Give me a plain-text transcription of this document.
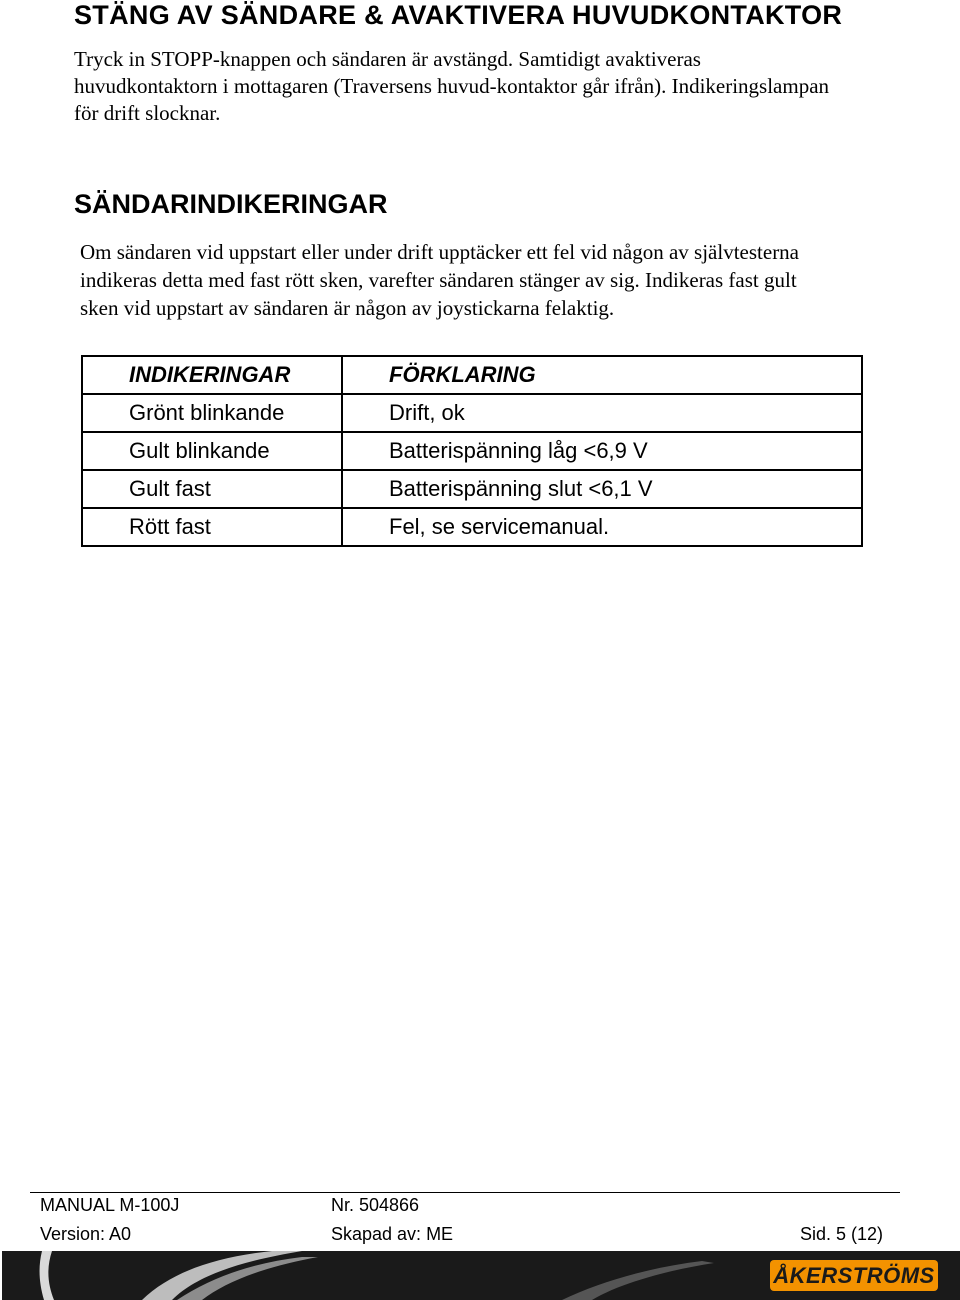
STÄNG AV SÄNDARE & AVAKTIVERA HUVUDKONTAKTOR
Tryck in STOPP-knappen och sändaren är avstängd. Samtidigt avaktiveras
huvudkontaktorn i mottagaren (Traversens huvud-kontaktor går ifrån). Indikeringslampan
för drift slocknar.
SÄNDARINDIKERINGAR
Om sändaren vid uppstart eller under drift upptäcker ett fel vid någon av självtesterna
indikeras detta med fast rött sken, varefter sändaren stänger av sig. Indikeras fast gult
sken vid uppstart av sändaren är någon av joystickarna felaktig.
INDIKERINGAR	FÖRKLARING
Grönt blinkande	Drift, ok
Gult blinkande	Batterispänning låg <6,9 V
Gult fast	Batterispänning slut <6,1 V
Rött fast	Fel, se servicemanual.
MANUAL M-100J	Nr. 504866
Version: A0	Skapad av: ME	Sid. 5 (12)
ÅKERSTRÖMS
